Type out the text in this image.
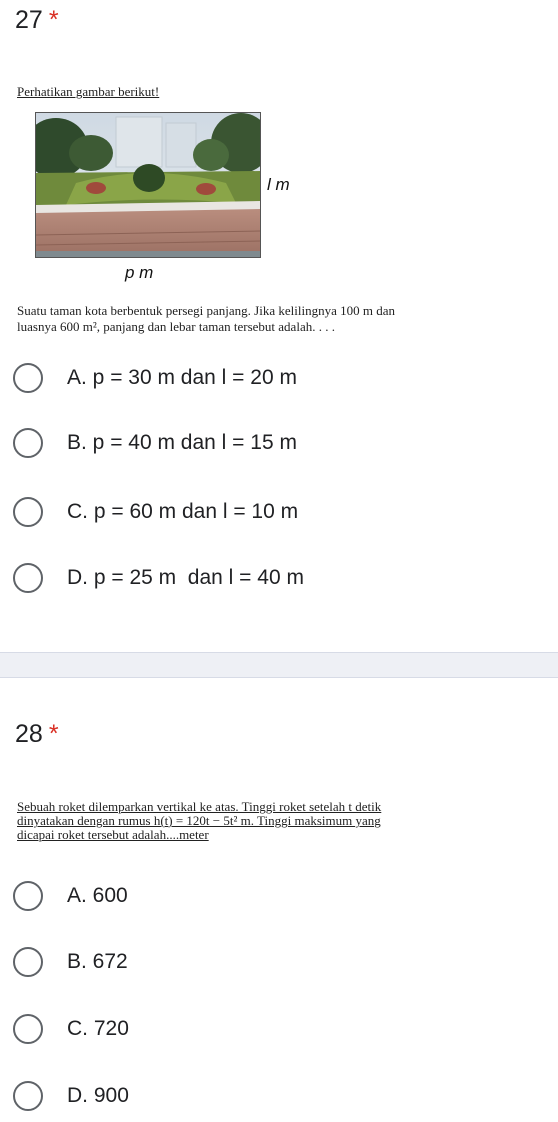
27 *
Perhatikan gambar berikut!
l m
p m
Suatu taman kota berbentuk persegi panjang. Jika kelilingnya 100 m dan
luasnya 600 m², panjang dan lebar taman tersebut adalah. . . .
A. p = 30 m dan l = 20 m
B. p = 40 m dan l = 15 m
C. p = 60 m dan l = 10 m
D. p = 25 m  dan l = 40 m
28 *
Sebuah roket dilemparkan vertikal ke atas. Tinggi roket setelah t detik
dinyatakan dengan rumus h(t) = 120t − 5t² m. Tinggi maksimum yang
dicapai roket tersebut adalah....meter
A. 600
B. 672
C. 720
D. 900
